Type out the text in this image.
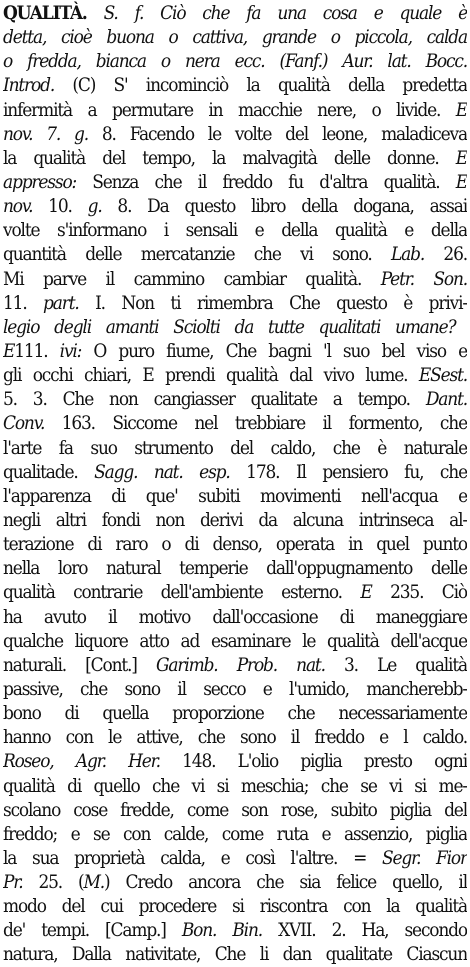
QUALITÀ. S. f. Ciò che fa una cosa e quale è
detta, cioè buona o cattiva, grande o piccola, calda
o fredda, bianca o nera ecc. (Fanf.) Aur. lat. Bocc.
Introd. (C) S' incominciò la qualità della predetta
infermità a permutare in macchie nere, o livide. E
nov. 7. g. 8. Facendo le volte del leone, maladiceva
la qualità del tempo, la malvagità delle donne. E
appresso: Senza che il freddo fu d'altra qualità. E
nov. 10. g. 8. Da questo libro della dogana, assai
volte s'informano i sensali e della qualità e della
quantità delle mercatanzie che vi sono. Lab. 26.
Mi parve il cammino cambiar qualità. Petr. Son.
11. part. I. Non ti rimembra Che questo è privi-
legio degli amanti Sciolti da tutte qualitati umane?
E111. ivi: O puro fiume, Che bagni 'l suo bel viso e
gli occhi chiari, E prendi qualità dal vivo lume. ESest.
5. 3. Che non cangiasser qualitate a tempo. Dant.
Conv. 163. Siccome nel trebbiare il formento, che
l'arte fa suo strumento del caldo, che è naturale
qualitade. Sagg. nat. esp. 178. Il pensiero fu, che
l'apparenza di que' subiti movimenti nell'acqua e
negli altri fondi non derivi da alcuna intrinseca al-
terazione di raro o di denso, operata in quel punto
nella loro natural temperie dall'oppugnamento delle
qualità contrarie dell'ambiente esterno. E 235. Ciò
ha avuto il motivo dall'occasione di maneggiare
qualche liquore atto ad esaminare le qualità dell'acque
naturali. [Cont.] Garimb. Prob. nat. 3. Le qualità
passive, che sono il secco e l'umido, mancherebb-
bono di quella proporzione che necessariamente
hanno con le attive, che sono il freddo e l caldo.
Roseo, Agr. Her. 148. L'olio piglia presto ogni
qualità di quello che vi si meschia; che se vi si me-
scolano cose fredde, come son rose, subito piglia del
freddo; e se con calde, come ruta e assenzio, piglia
la sua proprietà calda, e così l'altre. = Segr. Fior
Pr. 25. (M.) Credo ancora che sia felice quello, il
modo del cui procedere si riscontra con la qualità
de' tempi. [Camp.] Bon. Bin. XVII. 2. Ha, secondo
natura, Dalla nativitate, Che li dan qualitate Ciascun
